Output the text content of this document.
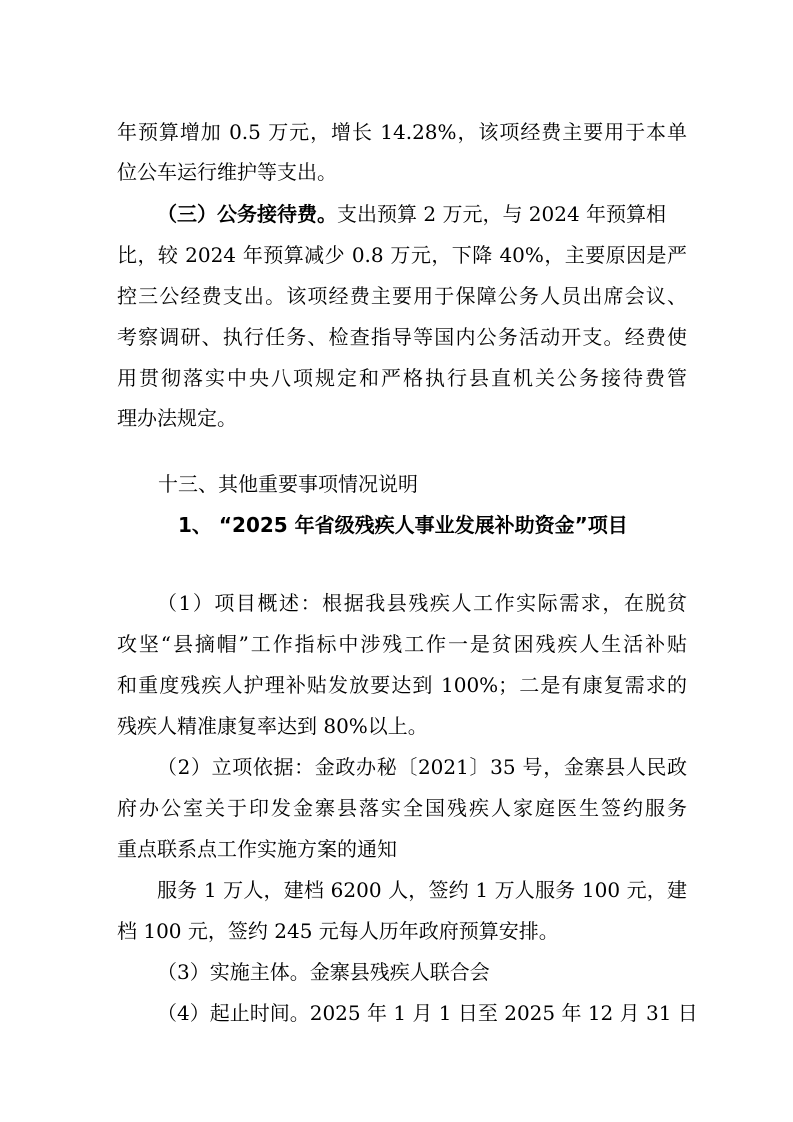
年预算增加 0.5 万元，增长 14.28%，该项经费主要用于本单
位公车运行维护等支出。
（三）公务接待费。支出预算 2 万元，与 2024 年预算相
比，较 2024 年预算减少 0.8 万元，下降 40%，主要原因是严
控三公经费支出。该项经费主要用于保障公务人员出席会议、
考察调研、执行任务、检查指导等国内公务活动开支。经费使
用贯彻落实中央八项规定和严格执行县直机关公务接待费管
理办法规定。
十三、其他重要事项情况说明
1、 “2025 年省级残疾人事业发展补助资金”项目
（1）项目概述：根据我县残疾人工作实际需求，在脱贫
攻坚“县摘帽”工作指标中涉残工作一是贫困残疾人生活补贴
和重度残疾人护理补贴发放要达到 100%；二是有康复需求的
残疾人精准康复率达到 80%以上。
（2）立项依据：金政办秘〔2021〕35 号，金寨县人民政
府办公室关于印发金寨县落实全国残疾人家庭医生签约服务
重点联系点工作实施方案的通知
服务 1 万人，建档 6200 人，签约 1 万人服务 100 元，建
档 100 元，签约 245 元每人历年政府预算安排。
（3）实施主体。金寨县残疾人联合会
（4）起止时间。2025 年 1 月 1 日至 2025 年 12 月 31 日
